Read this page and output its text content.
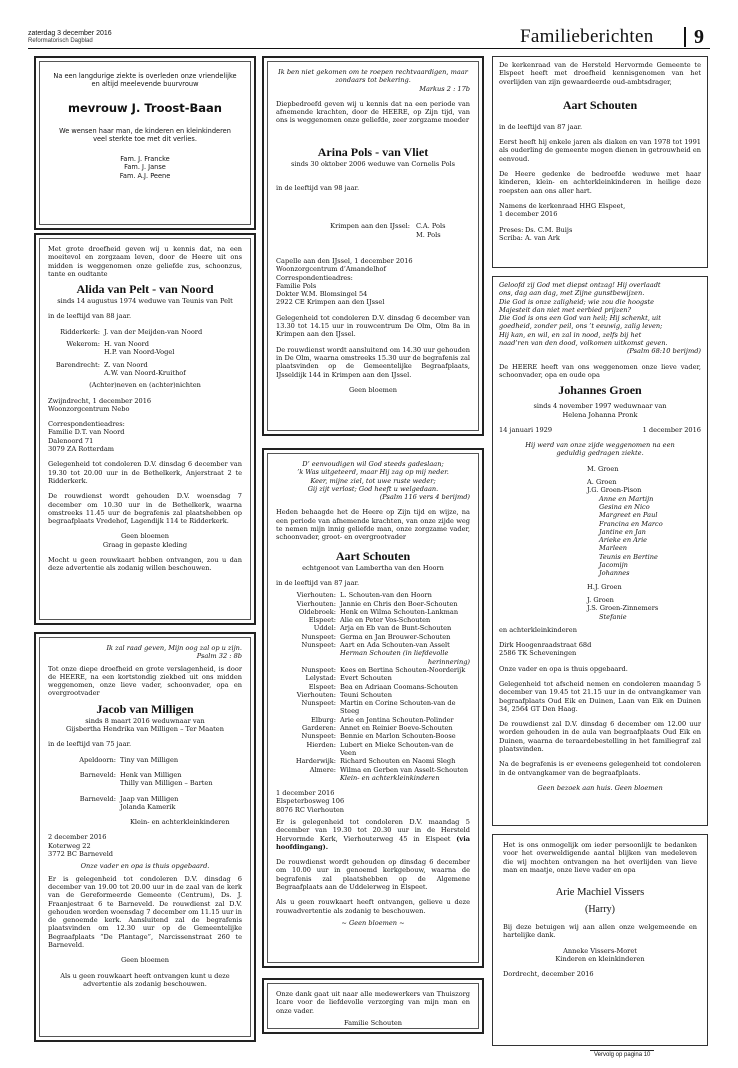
zaterdag 3 december 2016
Reformatorisch Dagblad	Familieberichten 9
Na een langdurige ziekte is overleden onze vriendelijke
en altijd meelevende buurvrouw
mevrouw J. Troost-Baan
We wensen haar man, de kinderen en kleinkinderen
veel sterkte toe met dit verlies.
Fam. J. Francke
Fam. J. Janse
Fam. A.J. Peene
Met grote droefheid geven wij u kennis dat, na een moeitevol en zorgzaam leven, door de Heere uit ons midden is weggenomen onze geliefde zus, schoonzus, tante en oudtante
Alida van Pelt - van Noord
sinds 14 augustus 1974 weduwe van Teunis van Pelt
in de leeftijd van 88 jaar.
Ridderkerk: J. van der Meijden-van Noord
Wekerom: H. van Noord
H.P. van Noord-Vogel
Barendrecht: Z. van Noord
A.W. van Noord-Kruithof
(Achter)neven en (achter)nichten
Zwijndrecht, 1 december 2016
Woonzorgcentrum Nebo
Correspondentieadres:
Familie D.T. van Noord
Dalenoord 71
3079 ZA Rotterdam
Gelegenheid tot condoleren D.V. dinsdag 6 december van 19.30 tot 20.00 uur in de Bethelkerk, Anjerstraat 2 te Ridderkerk.
De rouwdienst wordt gehouden D.V. woensdag 7 december om 10.30 uur in de Bethelkerk, waarna omstreeks 11.45 uur de begrafenis zal plaatshebben op begraafplaats Vredehof, Lagendijk 114 te Ridderkerk.
Geen bloemen
Graag in gepaste kleding
Mocht u geen rouwkaart hebben ontvangen, zou u dan deze advertentie als zodanig willen beschouwen.
Ik zal raad geven, Mijn oog zal op u zijn.
Psalm 32 : 8b
Tot onze diepe droefheid en grote verslagenheid, is door de HEERE, na een kortstondig ziekbed uit ons midden weggenomen, onze lieve vader, schoonvader, opa en overgrootvader
Jacob van Milligen
sinds 8 maart 2016 weduwnaar van
Gijsbertha Hendrika van Milligen – Ter Maaten
in de leeftijd van 75 jaar.
Apeldoorn: Tiny van Milligen
Barneveld: Henk van Milligen
Thilly van Milligen – Barten
Barneveld: Jaap van Milligen
Jolanda Kamerik
Klein- en achterkleinkinderen
2 december 2016
Koterweg 22
3772 BC Barneveld
Onze vader en opa is thuis opgebaard.
Er is gelegenheid tot condoleren D.V. dinsdag 6 december van 19.00 tot 20.00 uur in de zaal van de kerk van de Gereformeerde Gemeente (Centrum), Ds. J. Fraanjestraat 6 te Barneveld. De rouwdienst zal D.V. gehouden worden woensdag 7 december om 11.15 uur in de genoemde kerk. Aansluitend zal de begrafenis plaatsvinden om 12.30 uur op de Gemeentelijke Begraafplaats “De Plantage”, Narcissenstraat 260 te Barneveld.
Geen bloemen
Als u geen rouwkaart heeft ontvangen kunt u deze advertentie als zodanig beschouwen.
Ik ben niet gekomen om te roepen rechtvaardigen, maar zondaars tot bekering.
Markus 2 : 17b
Diepbedroefd geven wij u kennis dat na een periode van afnemende krachten, door de HEERE, op Zijn tijd, van ons is weggenomen onze geliefde, zeer zorgzame moeder
Arina Pols - van Vliet
sinds 30 oktober 2006 weduwe van Cornelis Pols
in de leeftijd van 98 jaar.
Krimpen aan den IJssel: C.A. Pols
M. Pols
Capelle aan den IJssel, 1 december 2016
Woonzorgcentrum d’Amandelhof
Correspondentieadres:
Familie Pols
Dokter W.M. Blomsingel 54
2922 CE Krimpen aan den IJssel
Gelegenheid tot condoleren D.V. dinsdag 6 december van 13.30 tot 14.15 uur in rouwcentrum De Olm, Olm 8a in Krimpen aan den IJssel.
De rouwdienst wordt aansluitend om 14.30 uur gehouden in De Olm, waarna omstreeks 15.30 uur de begrafenis zal plaatsvinden op de Gemeentelijke Begraafplaats, IJsseldijk 144 in Krimpen aan den IJssel.
Geen bloemen
D’ eenvoudigen wil God steeds gadeslaan;
’k Was uitgeteerd, maar Hij zag op mij neder.
Keer, mijne ziel, tot uwe ruste weder;
Gij zijt verlost; God heeft u welgedaan.
(Psalm 116 vers 4 berijmd)
Heden behaagde het de Heere op Zijn tijd en wijze, na een periode van afnemende krachten, van onze zijde weg te nemen mijn innig geliefde man, onze zorgzame vader, schoonvader, groot- en overgrootvader
Aart Schouten
echtgenoot van Lambertha van den Hoorn
in de leeftijd van 87 jaar.
Vierhouten: L. Schouten-van den Hoorn
Vierhouten: Jannie en Chris den Boer-Schouten
Oldebroek: Henk en Wilma Schouten-Lankman
Elspeet: Alie en Peter Vos-Schouten
Uddel: Arja en Eb van de Bunt-Schouten
Nunspeet: Germa en Jan Brouwer-Schouten
Nunspeet: Aart en Ada Schouten-van Asselt
Herman Schouten (in liefdevolle
herinnering)
Nunspeet: Kees en Bertina Schouten-Noorderijk
Lelystad: Evert Schouten
Elspeet: Bea en Adriaan Coomans-Schouten
Vierhouten: Teuni Schouten
Nunspeet: Martin en Corine Schouten-van de Steeg
Elburg: Arie en Jentina Schouten-Polinder
Garderen: Annet en Reinier Boeve-Schouten
Nunspeet: Bennie en Marlon Schouten-Boose
Hierden: Lubert en Mieke Schouten-van de Veen
Harderwijk: Richard Schouten en Naomi Slegh
Almere: Wilma en Gerben van Asselt-Schouten
Klein- en achterkleinkinderen
1 december 2016
Elspeterbosweg 106
8076 RC Vierhouten
Er is gelegenheid tot condoleren D.V. maandag 5 december van 19.30 tot 20.30 uur in de Hersteld Hervormde Kerk, Vierhouterweg 45 in Elspeet (via hoofdingang).
De rouwdienst wordt gehouden op dinsdag 6 december om 10.00 uur in genoemd kerkgebouw, waarna de begrafenis zal plaatshebben op de Algemene Begraafplaats aan de Uddelerweg in Elspeet.
Als u geen rouwkaart heeft ontvangen, gelieve u deze rouwadvertentie als zodanig te beschouwen.
~ Geen bloemen ~
Onze dank gaat uit naar alle medewerkers van Thuiszorg Icare voor de liefdevolle verzorging van mijn man en onze vader.
Familie Schouten
De kerkenraad van de Hersteld Hervormde Gemeente te Elspeet heeft met droefheid kennisgenomen van het overlijden van zijn gewaardeerde oud-ambtsdrager,
Aart Schouten
in de leeftijd van 87 jaar.
Eerst heeft hij enkele jaren als diaken en van 1978 tot 1991 als ouderling de gemeente mogen dienen in getrouwheid en eenvoud.
De Heere gedenke de bedroefde weduwe met haar kinderen, klein- en achterkleinkinderen in heilige deze roepsten aan ons aller hart.
Namens de kerkenraad HHG Elspeet,
1 december 2016
Preses: Ds. C.M. Buijs
Scriba: A. van Ark
Geloofd zij God met diepst ontzag! Hij overlaadt
ons, dag aan dag, met Zijne gunstbewijzen.
Die God is onze zaligheid; wie zou die hoogste
Majesteit dan niet met eerbied prijzen?
Die God is ons een God van heil; Hij schenkt, uit
goedheid, zonder peil, ons ’t eeuwig, zalig leven;
Hij kan, en wil, en zal in nood, zelfs bij het
naad’ren van den dood, volkomen uitkomst geven.
(Psalm 68:10 berijmd)
De HEERE heeft van ons weggenomen onze lieve vader, schoonvader, opa en oude opa
Johannes Groen
sinds 4 november 1997 weduwnaar van
Helena Johanna Pronk
14 januari 1929	1 december 2016
Hij werd van onze zijde weggenomen na een
geduldig gedragen ziekte.
M. Groen
A. Groen
J.G. Groen-Pison
Anne en Martijn
Gesina en Nico
Margreet en Paul
Francina en Marco
Jantine en Jan
Arieke en Arie
Marleen
Teunis en Bertine
Jacomijn
Johannes
H.J. Groen
J. Groen
J.S. Groen-Zinnemers
Stefanie
en achterkleinkinderen
Dirk Hoogenraadstraat 68d
2586 TK Scheveningen
Onze vader en opa is thuis opgebaard.
Gelegenheid tot afscheid nemen en condoleren maandag 5 december van 19.45 tot 21.15 uur in de ontvangkamer van begraafplaats Oud Eik en Duinen, Laan van Eik en Duinen 34, 2564 GT Den Haag.
De rouwdienst zal D.V. dinsdag 6 december om 12.00 uur worden gehouden in de aula van begraafplaats Oud Eik en Duinen, waarna de teraardebestelling in het familiegraf zal plaatsvinden.
Na de begrafenis is er eveneens gelegenheid tot condoleren in de ontvangkamer van de begraafplaats.
Geen bezoek aan huis. Geen bloemen
Het is ons onmogelijk om ieder persoonlijk te bedanken voor het overweldigende aantal blijken van medeleven die wij mochten ontvangen na het overlijden van lieve man en maatje, onze lieve vader en opa
Arie Machiel Vissers
(Harry)
Bij deze betuigen wij aan allen onze welgemeende en hartelijke dank.
Anneke Vissers-Moret
Kinderen en kleinkinderen
Dordrecht, december 2016
Vervolg op pagina 10
